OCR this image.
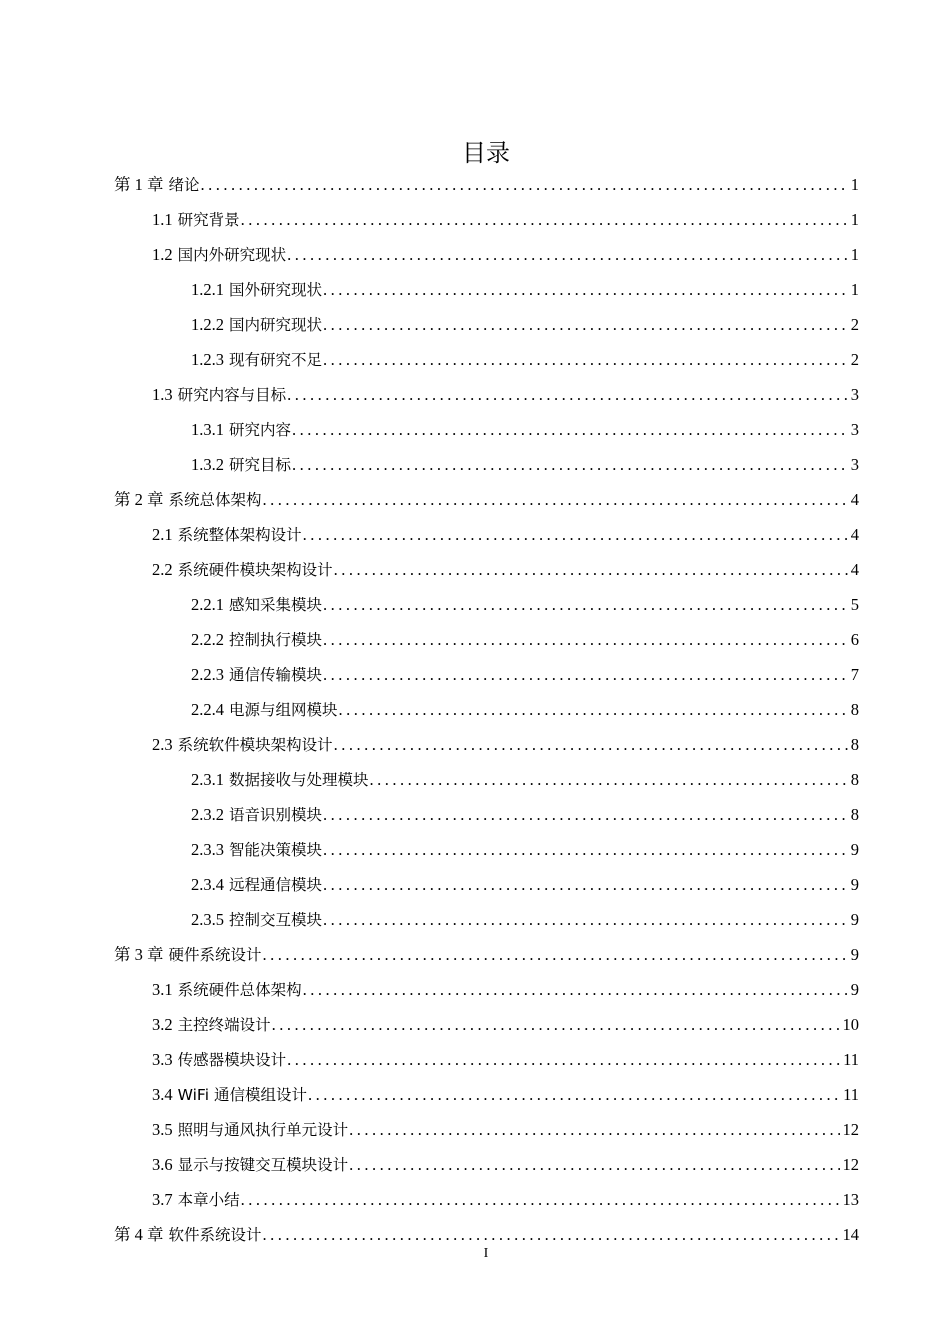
目录
第 1 章 绪论 .....	1
1.1 研究背景 .....	1
1.2 国内外研究现状 .....	1
1.2.1 国外研究现状 .....	1
1.2.2 国内研究现状 .....	2
1.2.3 现有研究不足 .....	2
1.3 研究内容与目标 .....	3
1.3.1 研究内容 .....	3
1.3.2 研究目标 .....	3
第 2 章 系统总体架构 .....	4
2.1 系统整体架构设计 .....	4
2.2 系统硬件模块架构设计 .....	4
2.2.1 感知采集模块 .....	5
2.2.2 控制执行模块 .....	6
2.2.3 通信传输模块 .....	7
2.2.4 电源与组网模块 .....	8
2.3 系统软件模块架构设计 .....	8
2.3.1 数据接收与处理模块 .....	8
2.3.2 语音识别模块 .....	8
2.3.3 智能决策模块 .....	9
2.3.4 远程通信模块 .....	9
2.3.5 控制交互模块 .....	9
第 3 章 硬件系统设计 .....	9
3.1 系统硬件总体架构 .....	9
3.2 主控终端设计 .....	10
3.3 传感器模块设计 .....	11
3.4 WiFi 通信模组设计 .....	11
3.5 照明与通风执行单元设计 .....	12
3.6 显示与按键交互模块设计 .....	12
3.7 本章小结 .....	13
第 4 章 软件系统设计 .....	14
I
